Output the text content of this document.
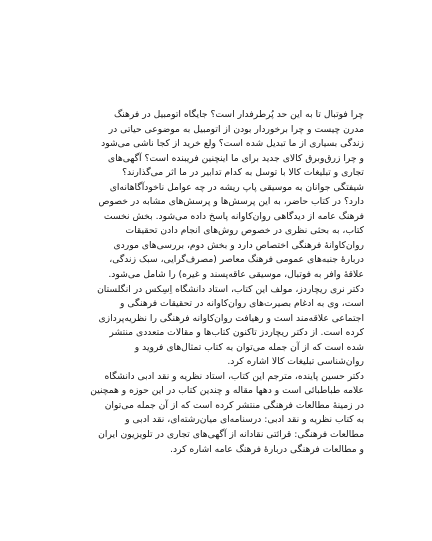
چرا فوتبال تا به این حد پُرطرفدار است؟ جایگاه اتومبیل در فرهنگ
مدرن چیست و چرا برخوردار بودن از اتومبیل به موضوعی حیاتی در
زندگی بسیاری از ما تبدیل شده است؟ ولع خرید از کجا ناشی می‌شود
و چرا زرق‌وبرق کالای جدید برای ما اینچنین فریبنده است؟ آگهی‌های
تجاری و تبلیغات کالا با توسل به کدام تدابیر در ما اثر می‌گذارند؟
شیفتگی جوانان به موسیقی پاپ ریشه در چه عوامل ناخودآگاهانه‌ای
دارد؟ در کتاب حاضر، به این پرسش‌ها و پرسش‌های مشابه در خصوص
فرهنگ عامه از دیدگاهی روان‌کاوانه پاسخ داده می‌شود. بخش نخست
کتاب، به بحثی نظری در خصوص روش‌های انجام دادن تحقیقات
روان‌کاوانهٔ فرهنگی اختصاص دارد و بخش دوم، بررسی‌های موردی
دربارهٔ جنبه‌های عمومی فرهنگ معاصر (مصرف‌گرایی، سبک زندگی،
علاقهٔ وافر به فوتبال، موسیقی عاقه‌پسند و غیره) را شامل می‌شود.
دکتر نری ریچاردز، مولف این کتاب، استاد دانشگاه اِسِکس در انگلستان
است، وی به ادغام بصیرت‌های روان‌کاوانه در تحقیقات فرهنگی و
اجتماعی علاقه‌مند است و رهیافت روان‌کاوانه فرهنگی را نظریه‌پردازی
کرده است. از دکتر ریچاردز تاکنون کتاب‌ها و مقالات متعددی منتشر
شده است که از آن جمله می‌توان به کتاب تمثال‌های فروید و
روان‌شناسی تبلیغات کالا اشاره کرد.
دکتر حسین پاینده، مترجم این کتاب، استاد نظریه و نقد ادبی دانشگاه
علامه طباطبائی است و دهها مقاله و چندین کتاب در این حوزه و همچنین
در زمینهٔ مطالعات فرهنگی منتشر کرده است که از آن جمله می‌توان
به کتاب نظریه و نقد ادبی: درسنامه‌ای میان‌رشته‌ای، نقد ادبی و
مطالعات فرهنگی: قرائتی نقادانه از آگهی‌های تجاری در تلویزیون ایران
و مطالعات فرهنگی دربارهٔ فرهنگ عامه اشاره کرد.
